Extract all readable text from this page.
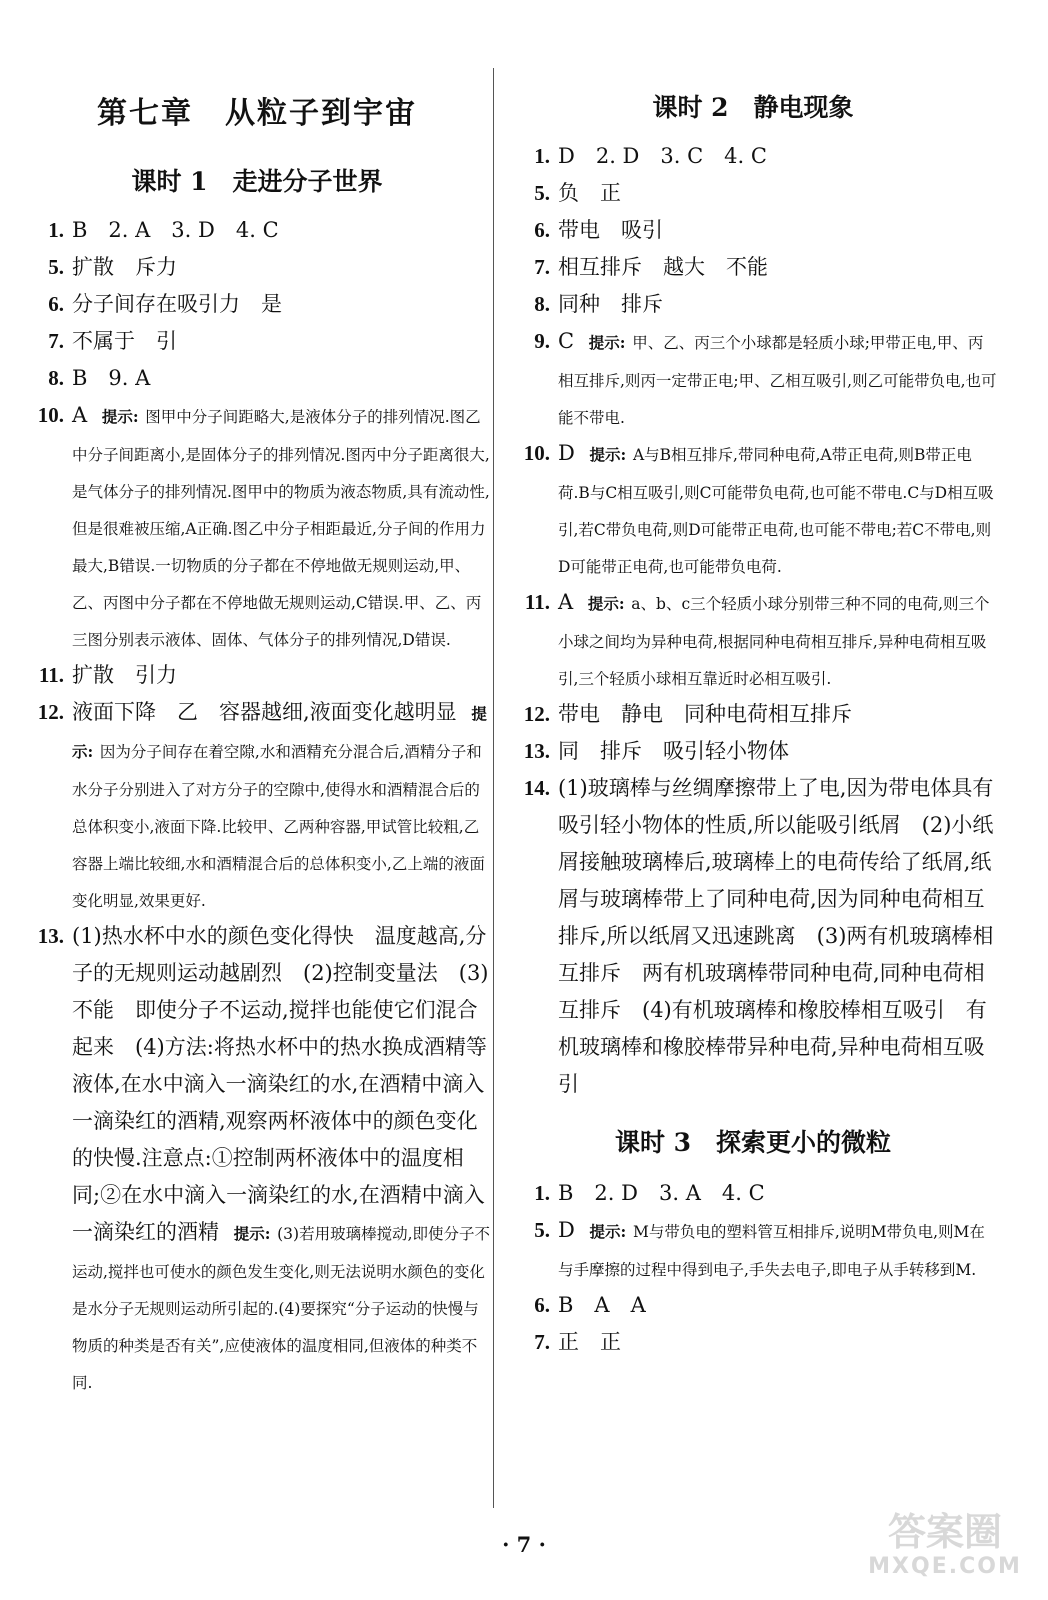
第七章　从粒子到宇宙
课时 1　走进分子世界
1. B　2. A　3. D　4. C
5. 扩散　斥力
6. 分子间存在吸引力　是
7. 不属于　引
8. B　9. A
10. A 提示: 图甲中分子间距略大,是液体分子的排列情况.图乙中分子间距离小,是固体分子的排列情况.图丙中分子距离很大,是气体分子的排列情况.图甲中的物质为液态物质,具有流动性,但是很难被压缩,A正确.图乙中分子相距最近,分子间的作用力最大,B错误.一切物质的分子都在不停地做无规则运动,甲、乙、丙图中分子都在不停地做无规则运动,C错误.甲、乙、丙三图分别表示液体、固体、气体分子的排列情况,D错误.
11. 扩散　引力
12. 液面下降　乙　容器越细,液面变化越明显 提示: 因为分子间存在着空隙,水和酒精充分混合后,酒精分子和水分子分别进入了对方分子的空隙中,使得水和酒精混合后的总体积变小,液面下降.比较甲、乙两种容器,甲试管比较粗,乙容器上端比较细,水和酒精混合后的总体积变小,乙上端的液面变化明显,效果更好.
13. (1)热水杯中水的颜色变化得快　温度越高,分子的无规则运动越剧烈　(2)控制变量法　(3)不能　即使分子不运动,搅拌也能使它们混合起来　(4)方法:将热水杯中的热水换成酒精等液体,在水中滴入一滴染红的水,在酒精中滴入一滴染红的酒精,观察两杯液体中的颜色变化的快慢.注意点:①控制两杯液体中的温度相同;②在水中滴入一滴染红的水,在酒精中滴入一滴染红的酒精 提示: (3)若用玻璃棒搅动,即使分子不运动,搅拌也可使水的颜色发生变化,则无法说明水颜色的变化是水分子无规则运动所引起的.(4)要探究“分子运动的快慢与物质的种类是否有关”,应使液体的温度相同,但液体的种类不同.
课时 2　静电现象
1. D　2. D　3. C　4. C
5. 负　正
6. 带电　吸引
7. 相互排斥　越大　不能
8. 同种　排斥
9. C 提示: 甲、乙、丙三个小球都是轻质小球;甲带正电,甲、丙相互排斥,则丙一定带正电;甲、乙相互吸引,则乙可能带负电,也可能不带电.
10. D 提示: A与B相互排斥,带同种电荷,A带正电荷,则B带正电荷.B与C相互吸引,则C可能带负电荷,也可能不带电.C与D相互吸引,若C带负电荷,则D可能带正电荷,也可能不带电;若C不带电,则D可能带正电荷,也可能带负电荷.
11. A 提示: a、b、c三个轻质小球分别带三种不同的电荷,则三个小球之间均为异种电荷,根据同种电荷相互排斥,异种电荷相互吸引,三个轻质小球相互靠近时必相互吸引.
12. 带电　静电　同种电荷相互排斥
13. 同　排斥　吸引轻小物体
14. (1)玻璃棒与丝绸摩擦带上了电,因为带电体具有吸引轻小物体的性质,所以能吸引纸屑　(2)小纸屑接触玻璃棒后,玻璃棒上的电荷传给了纸屑,纸屑与玻璃棒带上了同种电荷,因为同种电荷相互排斥,所以纸屑又迅速跳离　(3)两有机玻璃棒相互排斥　两有机玻璃棒带同种电荷,同种电荷相互排斥　(4)有机玻璃棒和橡胶棒相互吸引　有机玻璃棒和橡胶棒带异种电荷,异种电荷相互吸引
课时 3　探索更小的微粒
1. B　2. D　3. A　4. C
5. D 提示: M与带负电的塑料管互相排斥,说明M带负电,则M在与手摩擦的过程中得到电子,手失去电子,即电子从手转移到M.
6. B　A　A
7. 正　正
· 7 ·	答案圈
MXQE.COM
